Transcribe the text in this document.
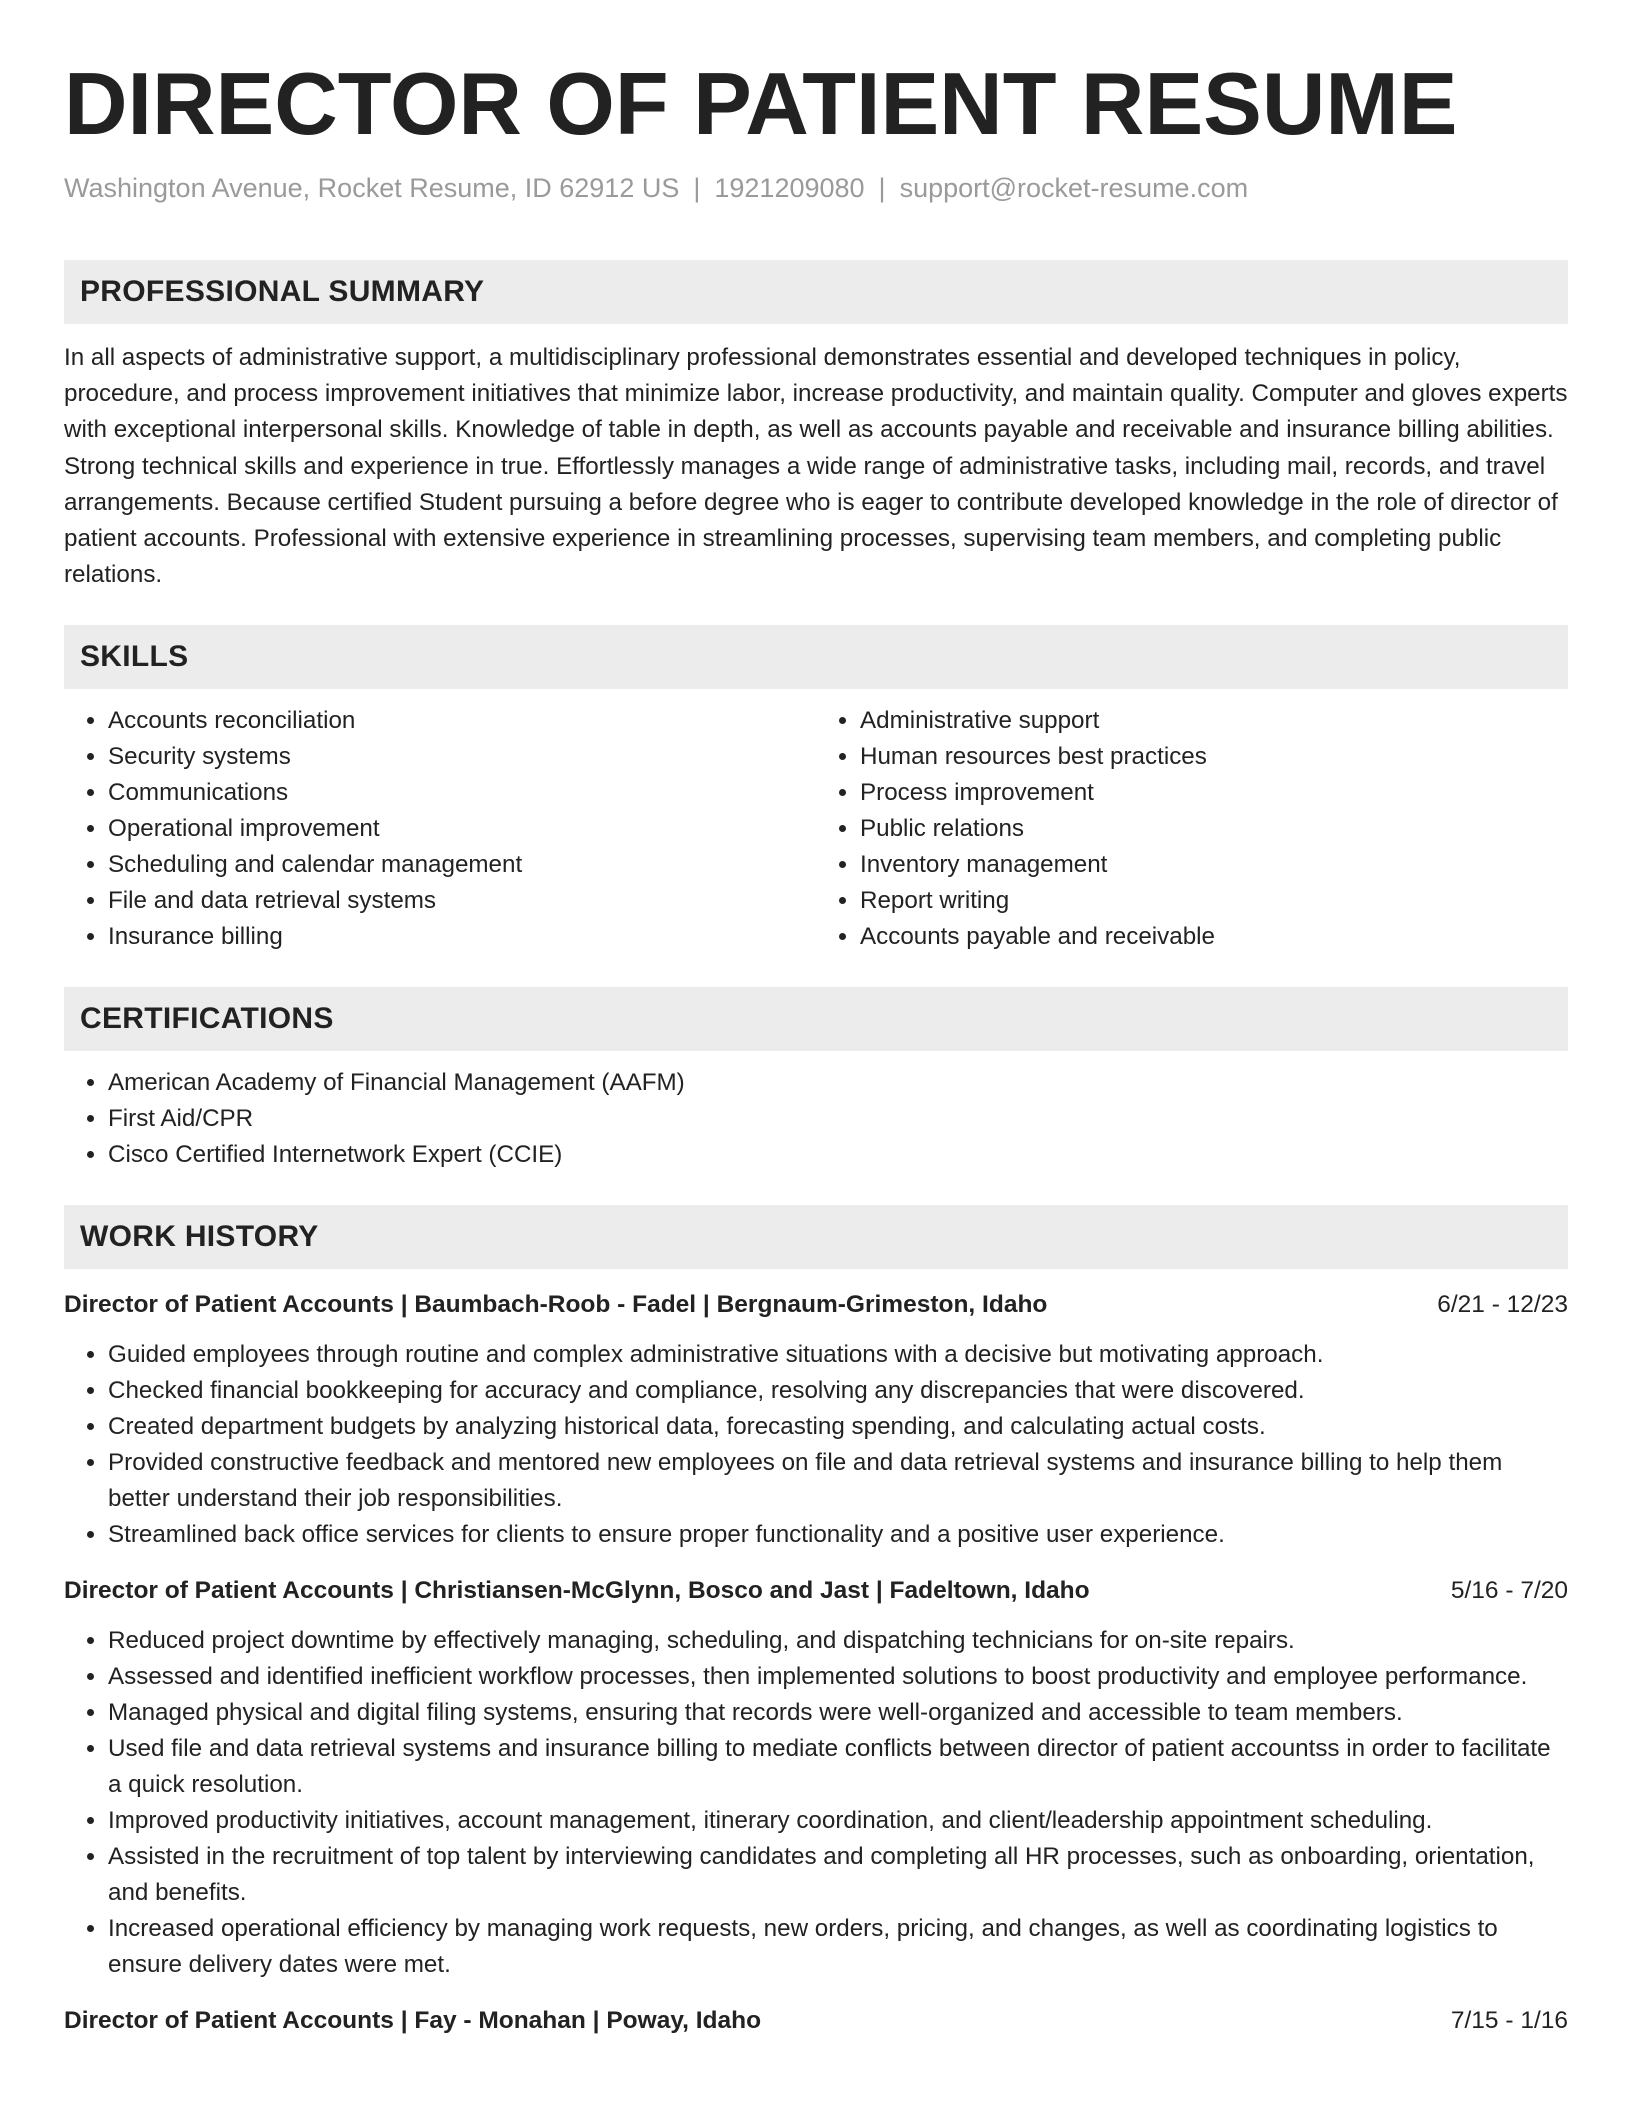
DIRECTOR OF PATIENT RESUME
Washington Avenue, Rocket Resume, ID 62912 US | 1921209080 | support@rocket-resume.com
PROFESSIONAL SUMMARY

In all aspects of administrative support, a multidisciplinary professional demonstrates essential and developed techniques in policy, procedure, and process improvement initiatives that minimize labor, increase productivity, and maintain quality. Computer and gloves experts with exceptional interpersonal skills. Knowledge of table in depth, as well as accounts payable and receivable and insurance billing abilities. Strong technical skills and experience in true. Effortlessly manages a wide range of administrative tasks, including mail, records, and travel arrangements. Because certified Student pursuing a before degree who is eager to contribute developed knowledge in the role of director of patient accounts. Professional with extensive experience in streamlining processes, supervising team members, and completing public relations.

SKILLS
• Accounts reconciliation
• Security systems
• Communications
• Operational improvement
• Scheduling and calendar management
• File and data retrieval systems
• Insurance billing
• Administrative support
• Human resources best practices
• Process improvement
• Public relations
• Inventory management
• Report writing
• Accounts payable and receivable
CERTIFICATIONS
• American Academy of Financial Management (AAFM)
• First Aid/CPR
• Cisco Certified Internetwork Expert (CCIE)
WORK HISTORY
Director of Patient Accounts | Baumbach-Roob - Fadel | Bergnaum-Grimeston, Idaho	6/21 - 12/23
• Guided employees through routine and complex administrative situations with a decisive but motivating approach.
• Checked financial bookkeeping for accuracy and compliance, resolving any discrepancies that were discovered.
• Created department budgets by analyzing historical data, forecasting spending, and calculating actual costs.
• Provided constructive feedback and mentored new employees on file and data retrieval systems and insurance billing to help them better understand their job responsibilities.
• Streamlined back office services for clients to ensure proper functionality and a positive user experience.
Director of Patient Accounts | Christiansen-McGlynn, Bosco and Jast | Fadeltown, Idaho	5/16 - 7/20
• Reduced project downtime by effectively managing, scheduling, and dispatching technicians for on-site repairs.
• Assessed and identified inefficient workflow processes, then implemented solutions to boost productivity and employee performance.
• Managed physical and digital filing systems, ensuring that records were well-organized and accessible to team members.
• Used file and data retrieval systems and insurance billing to mediate conflicts between director of patient accountss in order to facilitate a quick resolution.
• Improved productivity initiatives, account management, itinerary coordination, and client/leadership appointment scheduling.
• Assisted in the recruitment of top talent by interviewing candidates and completing all HR processes, such as onboarding, orientation, and benefits.
• Increased operational efficiency by managing work requests, new orders, pricing, and changes, as well as coordinating logistics to ensure delivery dates were met.
Director of Patient Accounts | Fay - Monahan | Poway, Idaho	7/15 - 1/16
